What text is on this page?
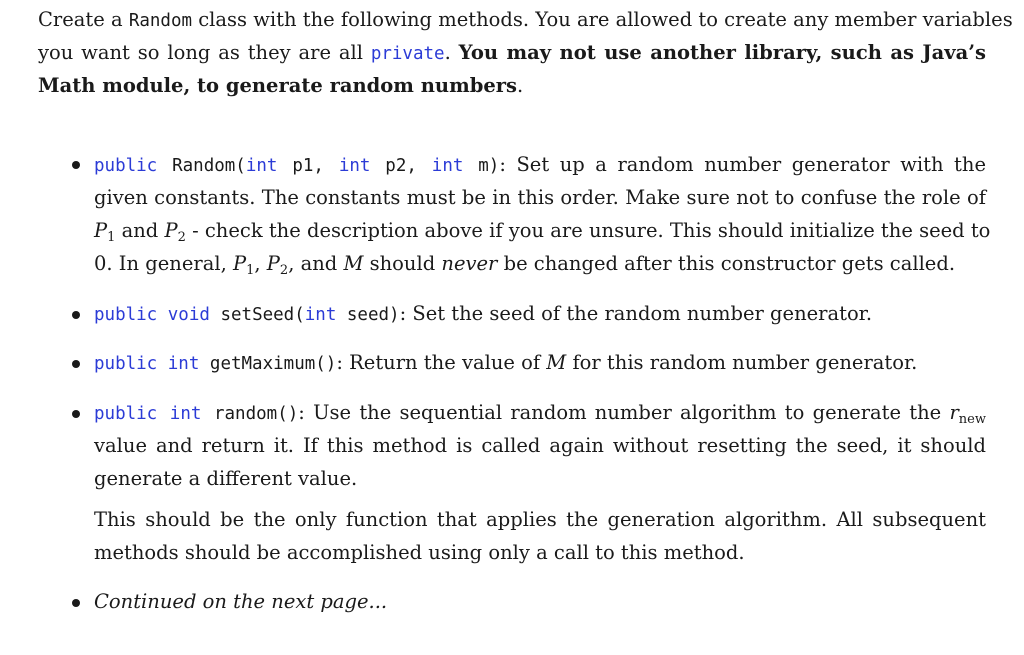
Create a Random class with the following methods. You are allowed to create any member variables
you want so long as they are all private. You may not use another library, such as Java’s
Math module, to generate random numbers.
public Random(int p1, int p2, int m): Set up a random number generator with the
given constants. The constants must be in this order. Make sure not to confuse the role of
$P_1$ and $P_2$ - check the description above if you are unsure. This should initialize the seed to
0. In general, $P_1$, $P_2$, and M should never be changed after this constructor gets called.
public void setSeed(int seed): Set the seed of the random number generator.
public int getMaximum(): Return the value of M for this random number generator.
public int random(): Use the sequential random number algorithm to generate the $r_{new}$
value and return it. If this method is called again without resetting the seed, it should
generate a different value.
This should be the only function that applies the generation algorithm. All subsequent
methods should be accomplished using only a call to this method.
Continued on the next page...
